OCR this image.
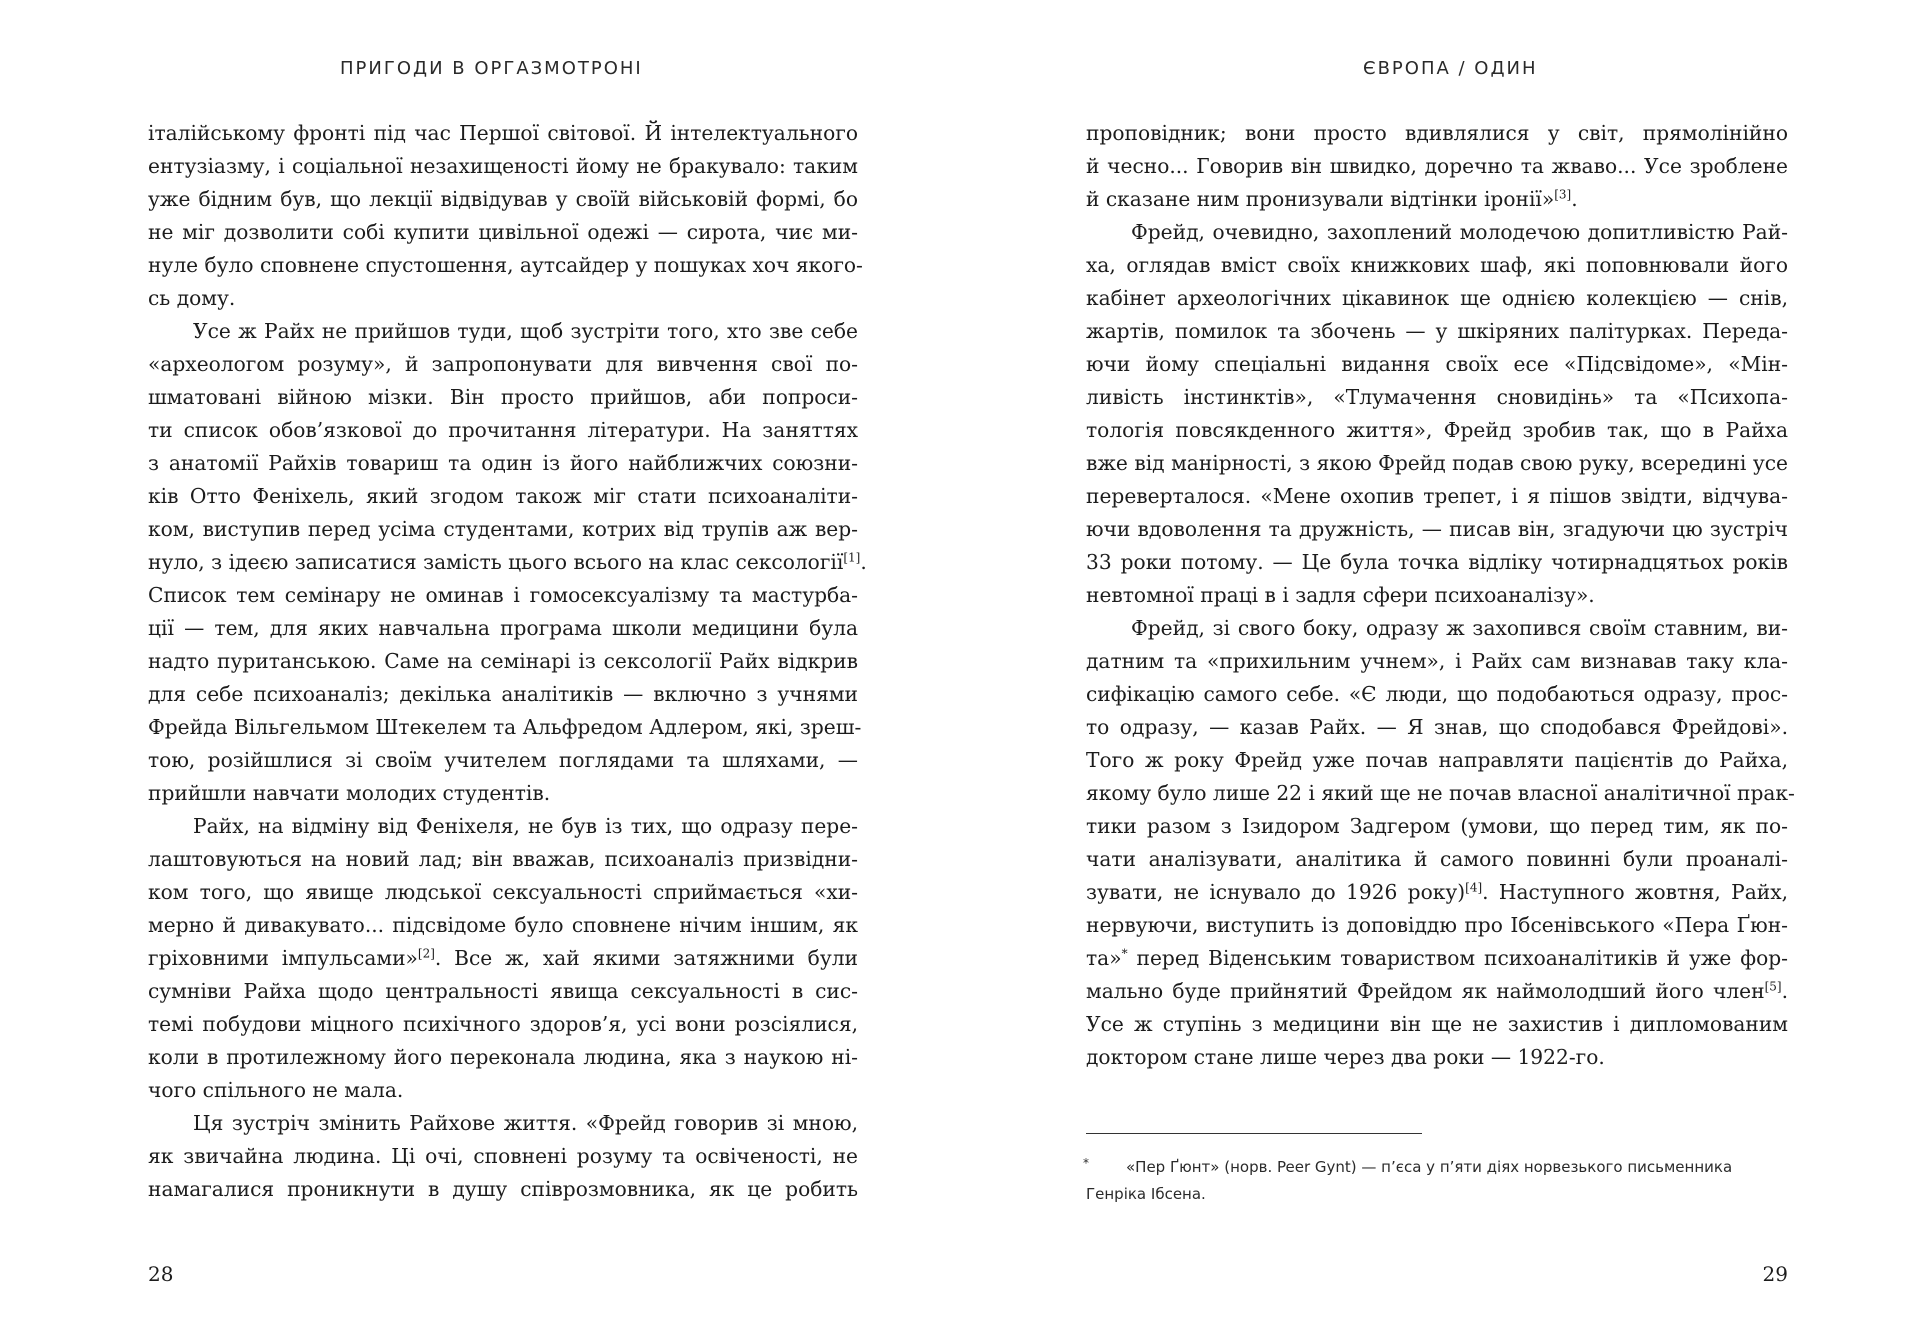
ПРИГОДИ В ОРГАЗМОТРОНІ
італійському фронті під час Першої світової. Й інтелектуального
ентузіазму, і соціальної незахищеності йому не бракувало: таким
уже бідним був, що лекції відвідував у своїй військовій формі, бо
не міг дозволити собі купити цивільної одежі — сирота, чиє ми-
нуле було сповнене спустошення, аутсайдер у пошуках хоч якого-
сь дому.
Усе ж Райх не прийшов туди, щоб зустріти того, хто зве себе
«археологом розуму», й запропонувати для вивчення свої по-
шматовані війною мізки. Він просто прийшов, аби попроси-
ти список обов’язкової до прочитання літератури. На заняттях
з анатомії Райхів товариш та один із його найближчих союзни-
ків Отто Феніхель, який згодом також міг стати психоаналіти-
ком, виступив перед усіма студентами, котрих від трупів аж вер-
нуло, з ідеєю записатися замість цього всього на клас сексології[1].
Список тем семінару не оминав і гомосексуалізму та мастурба-
ції — тем, для яких навчальна програма школи медицини була
надто пуританською. Саме на семінарі із сексології Райх відкрив
для себе психоаналіз; декілька аналітиків — включно з учнями
Фрейда Вільгельмом Штекелем та Альфредом Адлером, які, зреш-
тою, розійшлися зі своїм учителем поглядами та шляхами, —
прийшли навчати молодих студентів.
Райх, на відміну від Феніхеля, не був із тих, що одразу пере-
лаштовуються на новий лад; він вважав, психоаналіз призвідни-
ком того, що явище людської сексуальності сприймається «хи-
мерно й дивакувато... підсвідоме було сповнене нічим іншим, як
гріховними імпульсами»[2]. Все ж, хай якими затяжними були
сумніви Райха щодо центральності явища сексуальності в сис-
темі побудови міцного психічного здоров’я, усі вони розсіялися,
коли в протилежному його переконала людина, яка з наукою ні-
чого спільного не мала.
Ця зустріч змінить Райхове життя. «Фрейд говорив зі мною,
як звичайна людина. Ці очі, сповнені розуму та освіченості, не
намагалися проникнути в душу співрозмовника, як це робить
28
ЄВРОПА / ОДИН
проповідник; вони просто вдивлялися у світ, прямолінійно
й чесно... Говорив він швидко, доречно та жваво... Усе зроблене
й сказане ним пронизували відтінки іронії»[3].
Фрейд, очевидно, захоплений молодечою допитливістю Рай-
ха, оглядав вміст своїх книжкових шаф, які поповнювали його
кабінет археологічних цікавинок ще однією колекцією — снів,
жартів, помилок та збочень — у шкіряних палітурках. Переда-
ючи йому спеціальні видання своїх есе «Підсвідоме», «Мін-
ливість інстинктів», «Тлумачення сновидінь» та «Психопа-
тологія повсякденного життя», Фрейд зробив так, що в Райха
вже від манірності, з якою Фрейд подав свою руку, всередині усе
переверталося. «Мене охопив трепет, і я пішов звідти, відчува-
ючи вдоволення та дружність, — писав він, згадуючи цю зустріч
33 роки потому. — Це була точка відліку чотирнадцятьох років
невтомної праці в і задля сфери психоаналізу».
Фрейд, зі свого боку, одразу ж захопився своїм ставним, ви-
датним та «прихильним учнем», і Райх сам визнавав таку кла-
сифікацію самого себе. «Є люди, що подобаються одразу, прос-
то одразу, — казав Райх. — Я знав, що сподобався Фрейдові».
Того ж року Фрейд уже почав направляти пацієнтів до Райха,
якому було лише 22 і який ще не почав власної аналітичної прак-
тики разом з Ізидором Задгером (умови, що перед тим, як по-
чати аналізувати, аналітика й самого повинні були проаналі-
зувати, не існувало до 1926 року)[4]. Наступного жовтня, Райх,
нервуючи, виступить із доповіддю про Ібсенівського «Пера Ґюн-
та»* перед Віденським товариством психоаналітиків й уже фор-
мально буде прийнятий Фрейдом як наймолодший його член[5].
Усе ж ступінь з медицини він ще не захистив і дипломованим
доктором стане лише через два роки — 1922-го.
*	«Пер Ґюнт» (норв. Peer Gynt) — п’єса у п’яти діях норвезького письменника
Генріка Ібсена.
29
